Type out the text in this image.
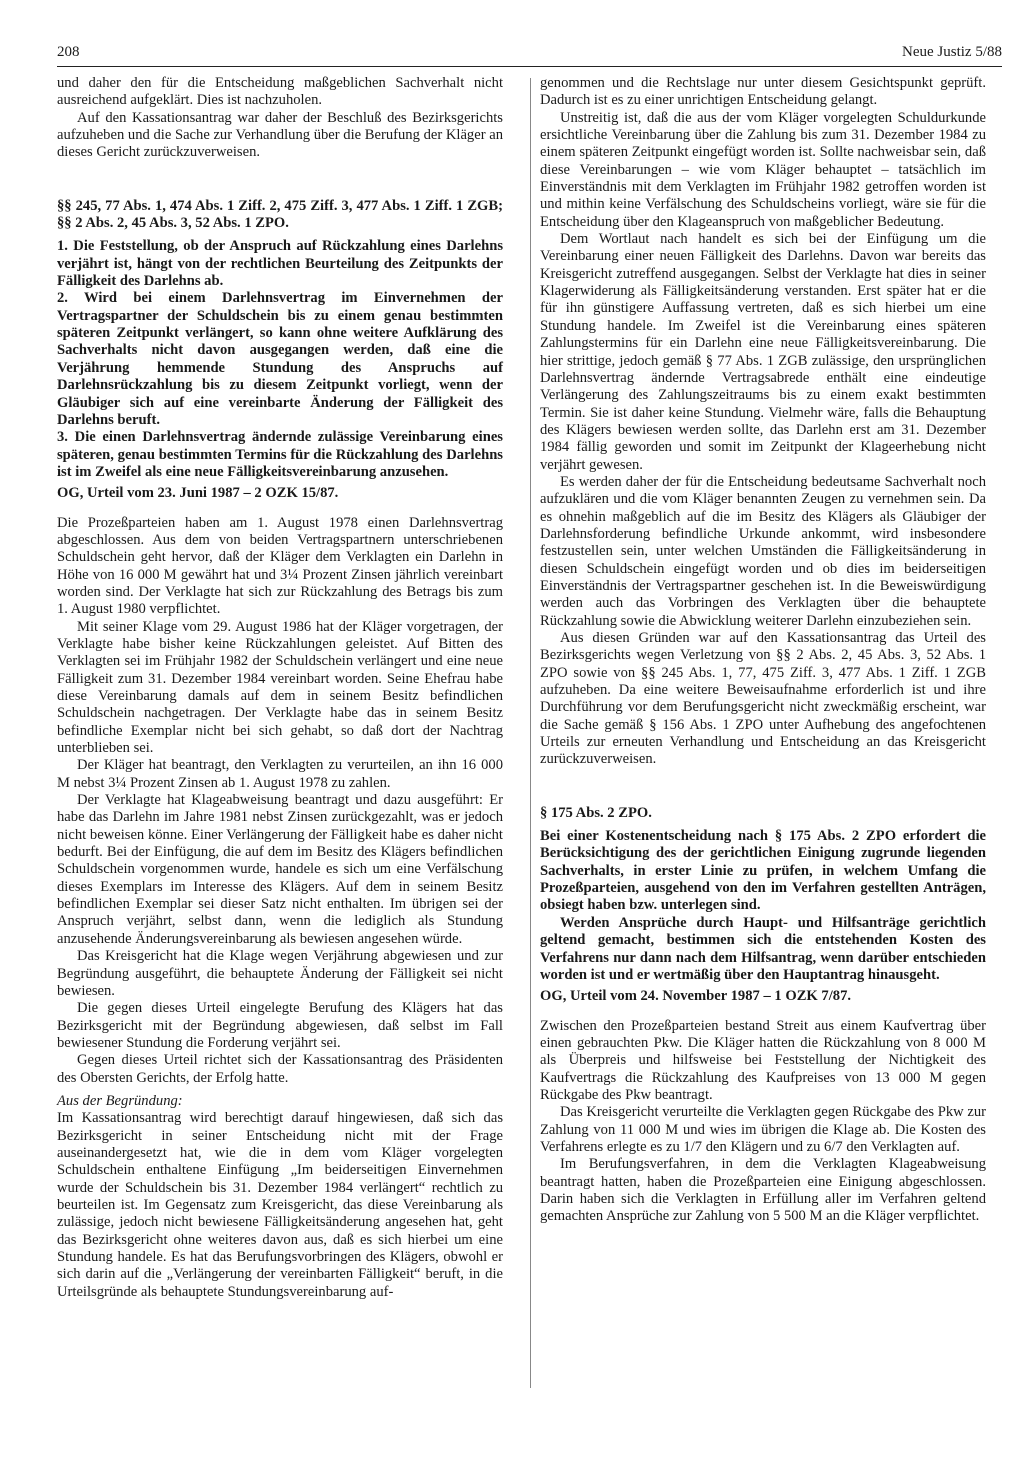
208	Neue Justiz 5/88

und daher den für die Entscheidung maßgeblichen Sachverhalt nicht ausreichend aufgeklärt. Dies ist nachzuholen.

Auf den Kassationsantrag war daher der Beschluß des Bezirksgerichts aufzuheben und die Sache zur Verhandlung über die Berufung der Kläger an dieses Gericht zurückzuverweisen.

§§ 245, 77 Abs. 1, 474 Abs. 1 Ziff. 2, 475 Ziff. 3, 477 Abs. 1 Ziff. 1 ZGB; §§ 2 Abs. 2, 45 Abs. 3, 52 Abs. 1 ZPO.

1. Die Feststellung, ob der Anspruch auf Rückzahlung eines Darlehns verjährt ist, hängt von der rechtlichen Beurteilung des Zeitpunkts der Fälligkeit des Darlehns ab.

2. Wird bei einem Darlehnsvertrag im Einvernehmen der Vertragspartner der Schuldschein bis zu einem genau bestimmten späteren Zeitpunkt verlängert, so kann ohne weitere Aufklärung des Sachverhalts nicht davon ausgegangen werden, daß eine die Verjährung hemmende Stundung des Anspruchs auf Darlehnsrückzahlung bis zu diesem Zeitpunkt vorliegt, wenn der Gläubiger sich auf eine vereinbarte Änderung der Fälligkeit des Darlehns beruft.

3. Die einen Darlehnsvertrag ändernde zulässige Vereinbarung eines späteren, genau bestimmten Termins für die Rückzahlung des Darlehns ist im Zweifel als eine neue Fälligkeitsvereinbarung anzusehen.

OG, Urteil vom 23. Juni 1987 – 2 OZK 15/87.

Die Prozeßparteien haben am 1. August 1978 einen Darlehnsvertrag abgeschlossen. Aus dem von beiden Vertragspartnern unterschriebenen Schuldschein geht hervor, daß der Kläger dem Verklagten ein Darlehn in Höhe von 16 000 M gewährt hat und 3¼ Prozent Zinsen jährlich vereinbart worden sind. Der Verklagte hat sich zur Rückzahlung des Betrags bis zum 1. August 1980 verpflichtet.

Mit seiner Klage vom 29. August 1986 hat der Kläger vorgetragen, der Verklagte habe bisher keine Rückzahlungen geleistet. Auf Bitten des Verklagten sei im Frühjahr 1982 der Schuldschein verlängert und eine neue Fälligkeit zum 31. Dezember 1984 vereinbart worden. Seine Ehefrau habe diese Vereinbarung damals auf dem in seinem Besitz befindlichen Schuldschein nachgetragen. Der Verklagte habe das in seinem Besitz befindliche Exemplar nicht bei sich gehabt, so daß dort der Nachtrag unterblieben sei.

Der Kläger hat beantragt, den Verklagten zu verurteilen, an ihn 16 000 M nebst 3¼ Prozent Zinsen ab 1. August 1978 zu zahlen.

Der Verklagte hat Klageabweisung beantragt und dazu ausgeführt: Er habe das Darlehn im Jahre 1981 nebst Zinsen zurückgezahlt, was er jedoch nicht beweisen könne. Einer Verlängerung der Fälligkeit habe es daher nicht bedurft. Bei der Einfügung, die auf dem im Besitz des Klägers befindlichen Schuldschein vorgenommen wurde, handele es sich um eine Verfälschung dieses Exemplars im Interesse des Klägers. Auf dem in seinem Besitz befindlichen Exemplar sei dieser Satz nicht enthalten. Im übrigen sei der Anspruch verjährt, selbst dann, wenn die lediglich als Stundung anzusehende Änderungsvereinbarung als bewiesen angesehen würde.

Das Kreisgericht hat die Klage wegen Verjährung abgewiesen und zur Begründung ausgeführt, die behauptete Änderung der Fälligkeit sei nicht bewiesen.

Die gegen dieses Urteil eingelegte Berufung des Klägers hat das Bezirksgericht mit der Begründung abgewiesen, daß selbst im Fall bewiesener Stundung die Forderung verjährt sei.

Gegen dieses Urteil richtet sich der Kassationsantrag des Präsidenten des Obersten Gerichts, der Erfolg hatte.

Aus der Begründung:

Im Kassationsantrag wird berechtigt darauf hingewiesen, daß sich das Bezirksgericht in seiner Entscheidung nicht mit der Frage auseinandergesetzt hat, wie die in dem vom Kläger vorgelegten Schuldschein enthaltene Einfügung „Im beiderseitigen Einvernehmen wurde der Schuldschein bis 31. Dezember 1984 verlängert“ rechtlich zu beurteilen ist. Im Gegensatz zum Kreisgericht, das diese Vereinbarung als zulässige, jedoch nicht bewiesene Fälligkeitsänderung angesehen hat, geht das Bezirksgericht ohne weiteres davon aus, daß es sich hierbei um eine Stundung handele. Es hat das Berufungsvorbringen des Klägers, obwohl er sich darin auf die „Verlängerung der vereinbarten Fälligkeit“ beruft, in die Urteilsgründe als behauptete Stundungsvereinbarung auf-

genommen und die Rechtslage nur unter diesem Gesichtspunkt geprüft. Dadurch ist es zu einer unrichtigen Entscheidung gelangt.

Unstreitig ist, daß die aus der vom Kläger vorgelegten Schuldurkunde ersichtliche Vereinbarung über die Zahlung bis zum 31. Dezember 1984 zu einem späteren Zeitpunkt eingefügt worden ist. Sollte nachweisbar sein, daß diese Vereinbarungen – wie vom Kläger behauptet – tatsächlich im Einverständnis mit dem Verklagten im Frühjahr 1982 getroffen worden ist und mithin keine Verfälschung des Schuldscheins vorliegt, wäre sie für die Entscheidung über den Klageanspruch von maßgeblicher Bedeutung.

Dem Wortlaut nach handelt es sich bei der Einfügung um die Vereinbarung einer neuen Fälligkeit des Darlehns. Davon war bereits das Kreisgericht zutreffend ausgegangen. Selbst der Verklagte hat dies in seiner Klagerwiderung als Fälligkeitsänderung verstanden. Erst später hat er die für ihn günstigere Auffassung vertreten, daß es sich hierbei um eine Stundung handele. Im Zweifel ist die Vereinbarung eines späteren Zahlungstermins für ein Darlehn eine neue Fälligkeitsvereinbarung. Die hier strittige, jedoch gemäß § 77 Abs. 1 ZGB zulässige, den ursprünglichen Darlehnsvertrag ändernde Vertragsabrede enthält eine eindeutige Verlängerung des Zahlungszeitraums bis zu einem exakt bestimmten Termin. Sie ist daher keine Stundung. Vielmehr wäre, falls die Behauptung des Klägers bewiesen werden sollte, das Darlehn erst am 31. Dezember 1984 fällig geworden und somit im Zeitpunkt der Klageerhebung nicht verjährt gewesen.

Es werden daher der für die Entscheidung bedeutsame Sachverhalt noch aufzuklären und die vom Kläger benannten Zeugen zu vernehmen sein. Da es ohnehin maßgeblich auf die im Besitz des Klägers als Gläubiger der Darlehnsforderung befindliche Urkunde ankommt, wird insbesondere festzustellen sein, unter welchen Umständen die Fälligkeitsänderung in diesen Schuldschein eingefügt worden und ob dies im beiderseitigen Einverständnis der Vertragspartner geschehen ist. In die Beweiswürdigung werden auch das Vorbringen des Verklagten über die behauptete Rückzahlung sowie die Abwicklung weiterer Darlehn einzubeziehen sein.

Aus diesen Gründen war auf den Kassationsantrag das Urteil des Bezirksgerichts wegen Verletzung von §§ 2 Abs. 2, 45 Abs. 3, 52 Abs. 1 ZPO sowie von §§ 245 Abs. 1, 77, 475 Ziff. 3, 477 Abs. 1 Ziff. 1 ZGB aufzuheben. Da eine weitere Beweisaufnahme erforderlich ist und ihre Durchführung vor dem Berufungsgericht nicht zweckmäßig erscheint, war die Sache gemäß § 156 Abs. 1 ZPO unter Aufhebung des angefochtenen Urteils zur erneuten Verhandlung und Entscheidung an das Kreisgericht zurückzuverweisen.

§ 175 Abs. 2 ZPO.

Bei einer Kostenentscheidung nach § 175 Abs. 2 ZPO erfordert die Berücksichtigung des der gerichtlichen Einigung zugrunde liegenden Sachverhalts, in erster Linie zu prüfen, in welchem Umfang die Prozeßparteien, ausgehend von den im Verfahren gestellten Anträgen, obsiegt haben bzw. unterlegen sind.

Werden Ansprüche durch Haupt- und Hilfsanträge gerichtlich geltend gemacht, bestimmen sich die entstehenden Kosten des Verfahrens nur dann nach dem Hilfsantrag, wenn darüber entschieden worden ist und er wertmäßig über den Hauptantrag hinausgeht.

OG, Urteil vom 24. November 1987 – 1 OZK 7/87.

Zwischen den Prozeßparteien bestand Streit aus einem Kaufvertrag über einen gebrauchten Pkw. Die Kläger hatten die Rückzahlung von 8 000 M als Überpreis und hilfsweise bei Feststellung der Nichtigkeit des Kaufvertrags die Rückzahlung des Kaufpreises von 13 000 M gegen Rückgabe des Pkw beantragt.

Das Kreisgericht verurteilte die Verklagten gegen Rückgabe des Pkw zur Zahlung von 11 000 M und wies im übrigen die Klage ab. Die Kosten des Verfahrens erlegte es zu 1/7 den Klägern und zu 6/7 den Verklagten auf.

Im Berufungsverfahren, in dem die Verklagten Klageabweisung beantragt hatten, haben die Prozeßparteien eine Einigung abgeschlossen. Darin haben sich die Verklagten in Erfüllung aller im Verfahren geltend gemachten Ansprüche zur Zahlung von 5 500 M an die Kläger verpflichtet.
